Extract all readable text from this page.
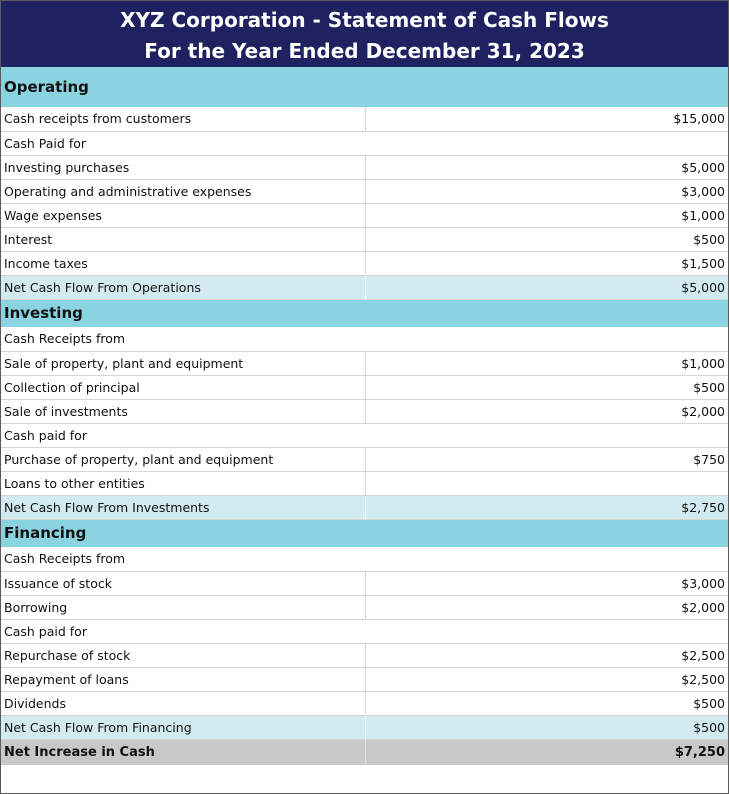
XYZ Corporation - Statement of Cash Flows
For the Year Ended December 31, 2023
Operating	
Cash receipts from customers	$15,000
Cash Paid for	
Investing purchases	$5,000
Operating and administrative expenses	$3,000
Wage expenses	$1,000
Interest	$500
Income taxes	$1,500
Net Cash Flow From Operations	$5,000
Investing	
Cash Receipts from	
Sale of property, plant and equipment	$1,000
Collection of principal	$500
Sale of investments	$2,000
Cash paid for	
Purchase of property, plant and equipment	$750
Loans to other entities	
Net Cash Flow From Investments	$2,750
Financing	
Cash Receipts from	
Issuance of stock	$3,000
Borrowing	$2,000
Cash paid for	
Repurchase of stock	$2,500
Repayment of loans	$2,500
Dividends	$500
Net Cash Flow From Financing	$500
Net Increase in Cash	$7,250
